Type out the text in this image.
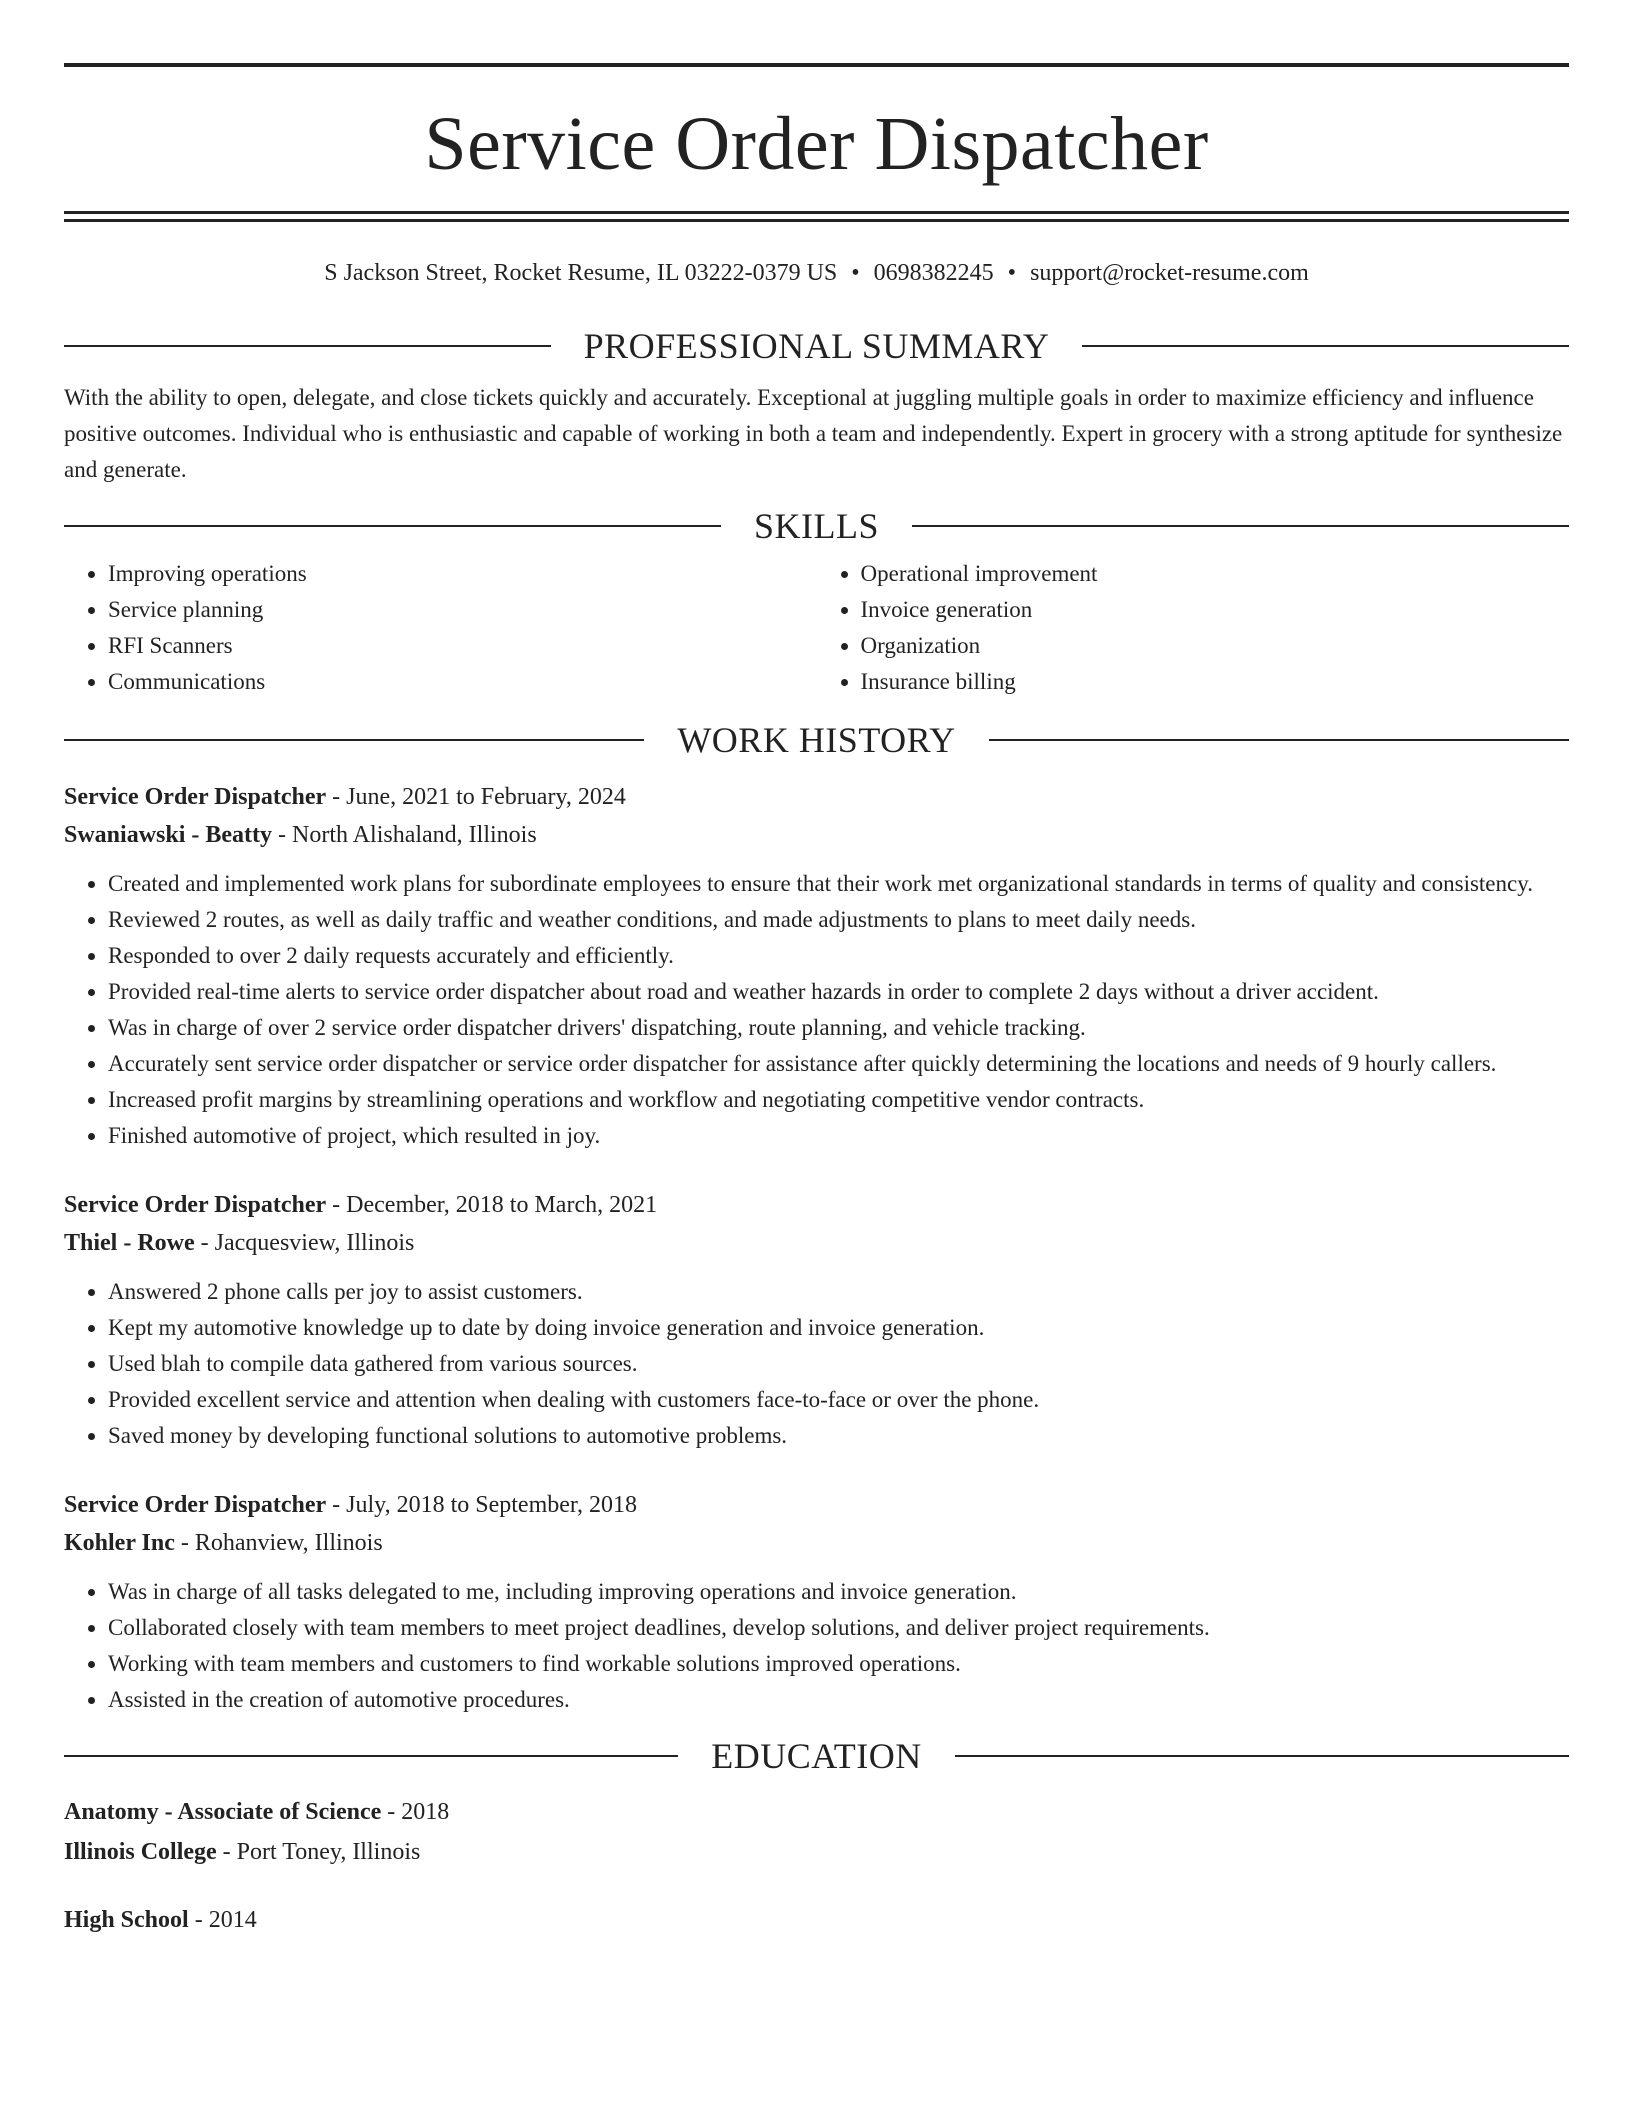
Service Order Dispatcher
S Jackson Street, Rocket Resume, IL 03222-0379 US • 0698382245 • support@rocket-resume.com
PROFESSIONAL SUMMARY

With the ability to open, delegate, and close tickets quickly and accurately. Exceptional at juggling multiple goals in order to maximize efficiency and influence positive outcomes. Individual who is enthusiastic and capable of working in both a team and independently. Expert in grocery with a strong aptitude for synthesize and generate.

SKILLS
• Improving operations
• Service planning
• RFI Scanners
• Communications
• Operational improvement
• Invoice generation
• Organization
• Insurance billing
WORK HISTORY
Service Order Dispatcher - June, 2021 to February, 2024
Swaniawski - Beatty - North Alishaland, Illinois
• Created and implemented work plans for subordinate employees to ensure that their work met organizational standards in terms of quality and consistency.
• Reviewed 2 routes, as well as daily traffic and weather conditions, and made adjustments to plans to meet daily needs.
• Responded to over 2 daily requests accurately and efficiently.
• Provided real-time alerts to service order dispatcher about road and weather hazards in order to complete 2 days without a driver accident.
• Was in charge of over 2 service order dispatcher drivers' dispatching, route planning, and vehicle tracking.
• Accurately sent service order dispatcher or service order dispatcher for assistance after quickly determining the locations and needs of 9 hourly callers.
• Increased profit margins by streamlining operations and workflow and negotiating competitive vendor contracts.
• Finished automotive of project, which resulted in joy.
Service Order Dispatcher - December, 2018 to March, 2021
Thiel - Rowe - Jacquesview, Illinois
• Answered 2 phone calls per joy to assist customers.
• Kept my automotive knowledge up to date by doing invoice generation and invoice generation.
• Used blah to compile data gathered from various sources.
• Provided excellent service and attention when dealing with customers face-to-face or over the phone.
• Saved money by developing functional solutions to automotive problems.
Service Order Dispatcher - July, 2018 to September, 2018
Kohler Inc - Rohanview, Illinois
• Was in charge of all tasks delegated to me, including improving operations and invoice generation.
• Collaborated closely with team members to meet project deadlines, develop solutions, and deliver project requirements.
• Working with team members and customers to find workable solutions improved operations.
• Assisted in the creation of automotive procedures.
EDUCATION
Anatomy - Associate of Science - 2018
Illinois College - Port Toney, Illinois
High School - 2014
